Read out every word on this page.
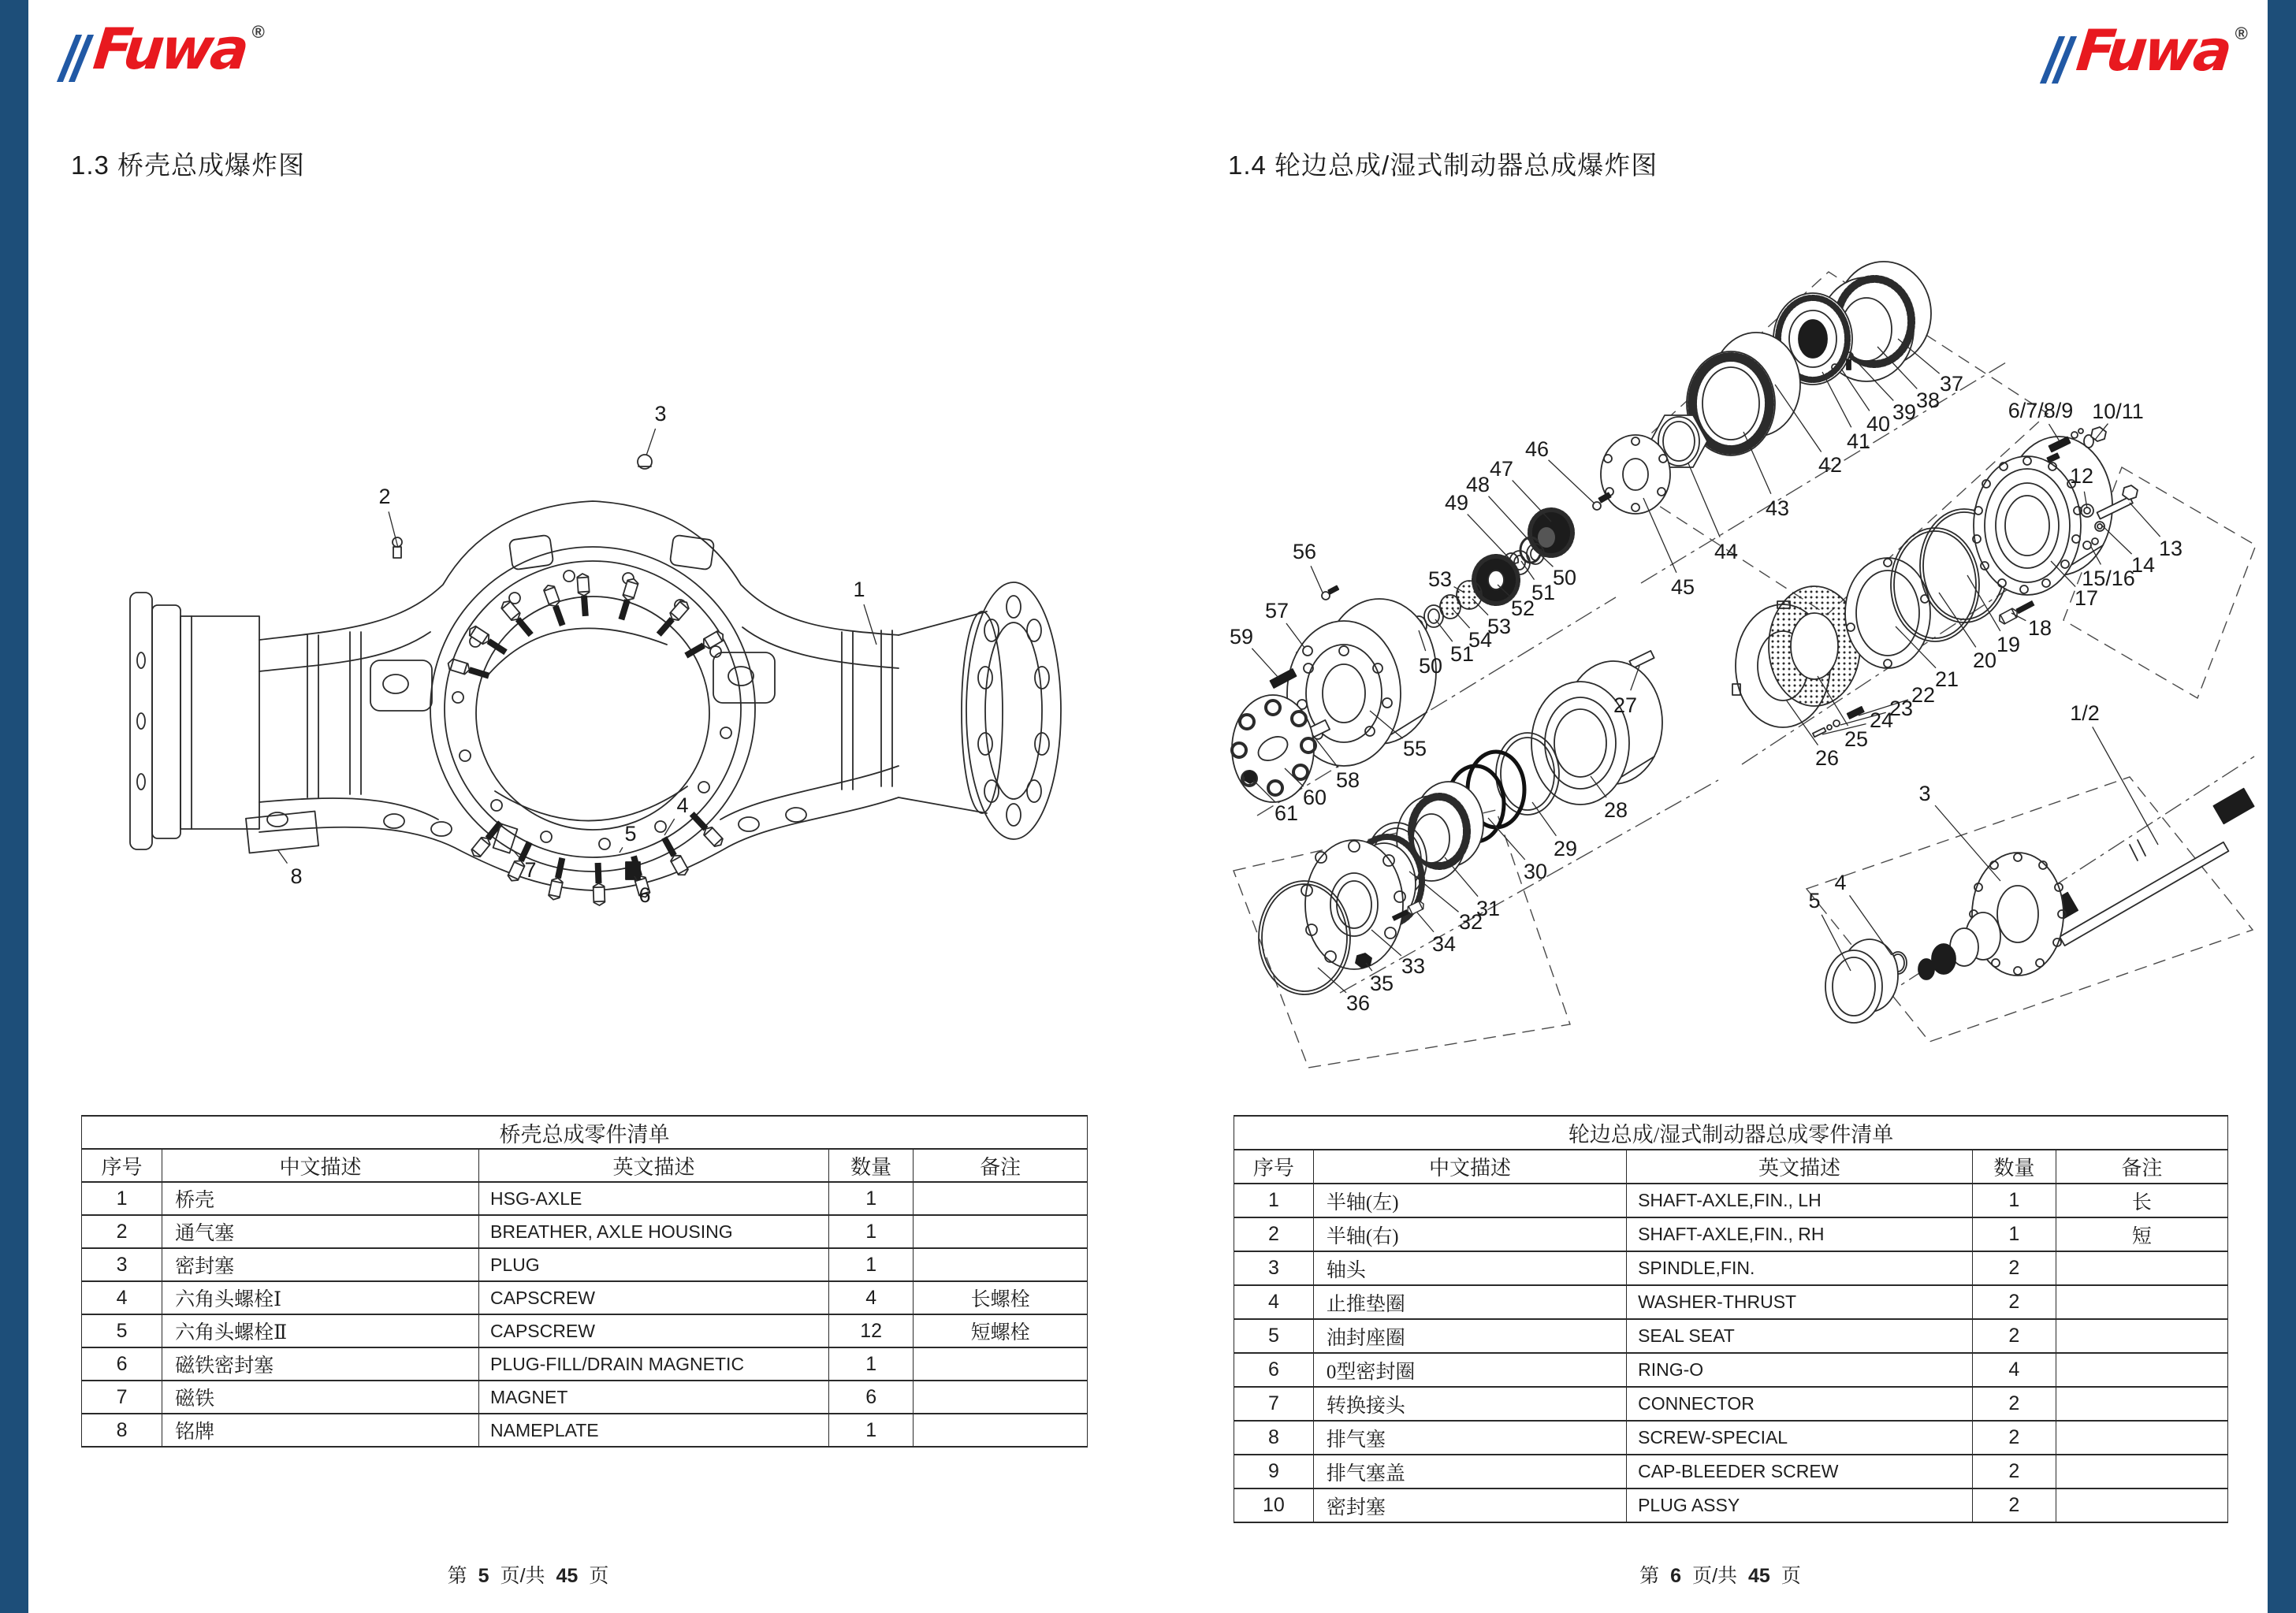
Fuwa ®	Fuwa ®
1.3 桥壳总成爆炸图	1.4 轮边总成/湿式制动器总成爆炸图
1
2
3
4
5
6
7
8
37
38
39
40
41
42
43
44
45
46
47
48
49
50
51
52
53
53
54
51
50
56
57
59
55
58
60
61
27
28
29
30
31
32
33
34
35
36
6/7/8/9 10/11
12
13
14
15/16
17
18
19
20
21
22
23
24
25
26
1/2
3
4
5
桥壳总成零件清单				
序号	中文描述	英文描述	数量	备注
1	桥壳	HSG-AXLE	1	
2	通气塞	BREATHER, AXLE HOUSING	1	
3	密封塞	PLUG	1	
4	六角头螺栓Ⅰ	CAPSCREW	4	长螺栓
5	六角头螺栓Ⅱ	CAPSCREW	12	短螺栓
6	磁铁密封塞	PLUG-FILL/DRAIN MAGNETIC	1	
7	磁铁	MAGNET	6	
8	铭牌	NAMEPLATE	1	
轮边总成/湿式制动器总成零件清单				
序号	中文描述	英文描述	数量	备注
1	半轴(左)	SHAFT-AXLE,FIN., LH	1	长
2	半轴(右)	SHAFT-AXLE,FIN., RH	1	短
3	轴头	SPINDLE,FIN.	2	
4	止推垫圈	WASHER-THRUST	2	
5	油封座圈	SEAL SEAT	2	
6	0型密封圈	RING-O	4	
7	转换接头	CONNECTOR	2	
8	排气塞	SCREW-SPECIAL	2	
9	排气塞盖	CAP-BLEEDER SCREW	2	
10	密封塞	PLUG ASSY	2	
第 5 页/共 45 页	第 6 页/共 45 页
